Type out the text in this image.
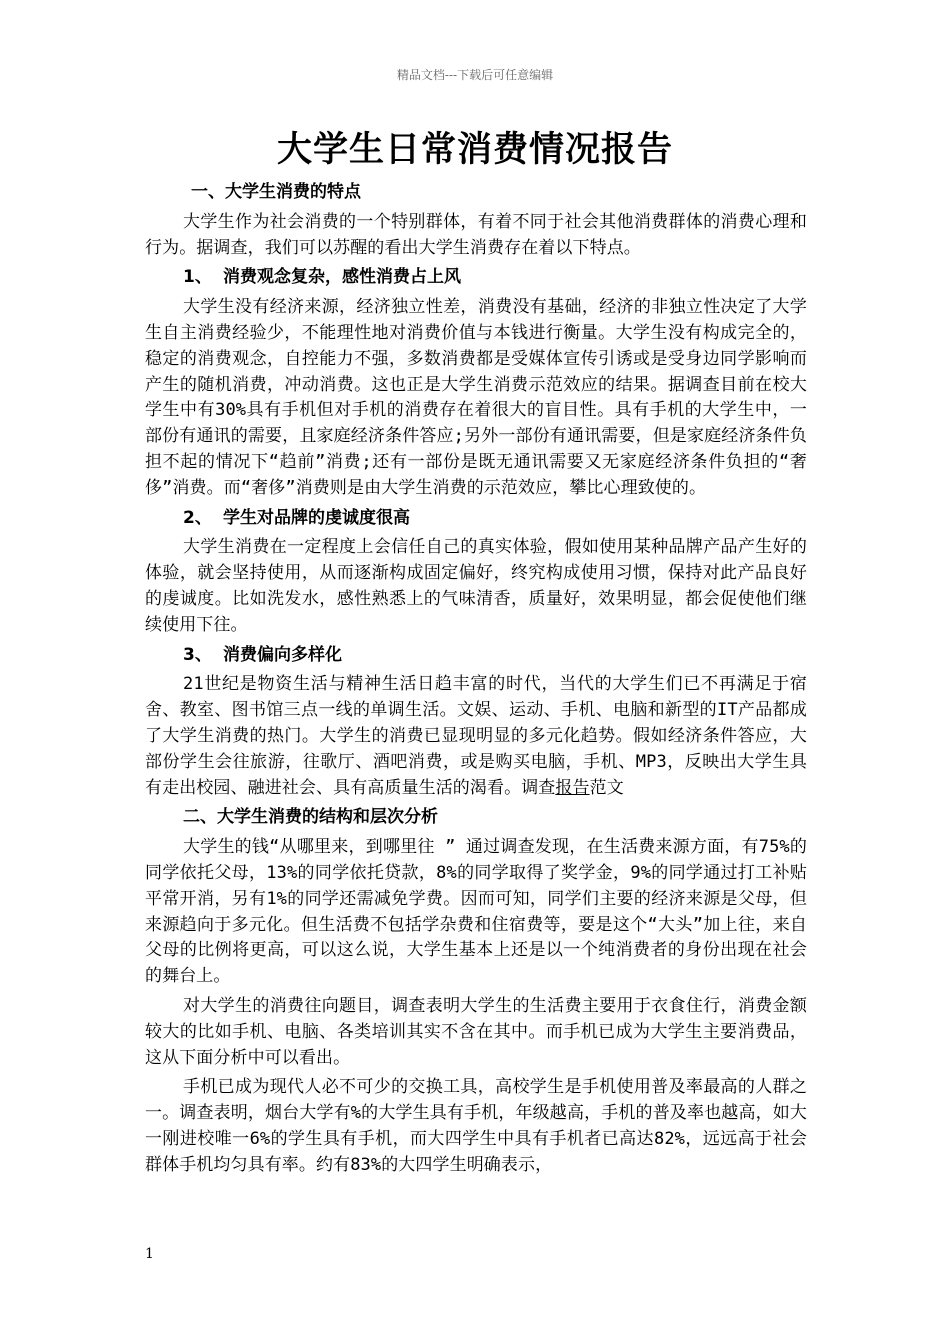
精品文档---下载后可任意编辑

大学生日常消费情况报告

一、大学生消费的特点

大学生作为社会消费的一个特别群体，有着不同于社会其他消费群体的消费心理和行为。据调查，我们可以苏醒的看出大学生消费存在着以下特点。

1、 消费观念复杂，感性消费占上风

大学生没有经济来源，经济独立性差，消费没有基础，经济的非独立性决定了大学生自主消费经验少，不能理性地对消费价值与本钱进行衡量。大学生没有构成完全的，稳定的消费观念，自控能力不强，多数消费都是受媒体宣传引诱或是受身边同学影响而产生的随机消费，冲动消费。这也正是大学生消费示范效应的结果。据调查目前在校大学生中有30%具有手机但对手机的消费存在着很大的盲目性。具有手机的大学生中，一部份有通讯的需要，且家庭经济条件答应;另外一部份有通讯需要，但是家庭经济条件负担不起的情况下“趋前”消费;还有一部份是既无通讯需要又无家庭经济条件负担的“奢侈”消费。而“奢侈”消费则是由大学生消费的示范效应，攀比心理致使的。

2、 学生对品牌的虔诚度很高

大学生消费在一定程度上会信任自己的真实体验，假如使用某种品牌产品产生好的体验，就会坚持使用，从而逐渐构成固定偏好，终究构成使用习惯，保持对此产品良好的虔诚度。比如洗发水，感性熟悉上的气味清香，质量好，效果明显，都会促使他们继续使用下往。

3、 消费偏向多样化

21世纪是物资生活与精神生活日趋丰富的时代，当代的大学生们已不再满足于宿舍、教室、图书馆三点一线的单调生活。文娱、运动、手机、电脑和新型的IT产品都成了大学生消费的热门。大学生的消费已显现明显的多元化趋势。假如经济条件答应，大部份学生会往旅游，往歌厅、酒吧消费，或是购买电脑，手机、MP3，反映出大学生具有走出校园、融进社会、具有高质量生活的渴看。调查报告范文

二、大学生消费的结构和层次分析

大学生的钱“从哪里来，到哪里往 ” 通过调查发现，在生活费来源方面，有75%的同学依托父母，13%的同学依托贷款，8%的同学取得了奖学金，9%的同学通过打工补贴平常开消，另有1%的同学还需减免学费。因而可知，同学们主要的经济来源是父母，但来源趋向于多元化。但生活费不包括学杂费和住宿费等，要是这个“大头”加上往，来自父母的比例将更高，可以这么说，大学生基本上还是以一个纯消费者的身份出现在社会的舞台上。

对大学生的消费往向题目，调查表明大学生的生活费主要用于衣食住行，消费金额较大的比如手机、电脑、各类培训其实不含在其中。而手机已成为大学生主要消费品，这从下面分析中可以看出。

手机已成为现代人必不可少的交换工具，高校学生是手机使用普及率最高的人群之一。调查表明，烟台大学有%的大学生具有手机，年级越高，手机的普及率也越高，如大一刚进校唯一6%的学生具有手机，而大四学生中具有手机者已高达82%，远远高于社会群体手机均匀具有率。约有83%的大四学生明确表示，

1
